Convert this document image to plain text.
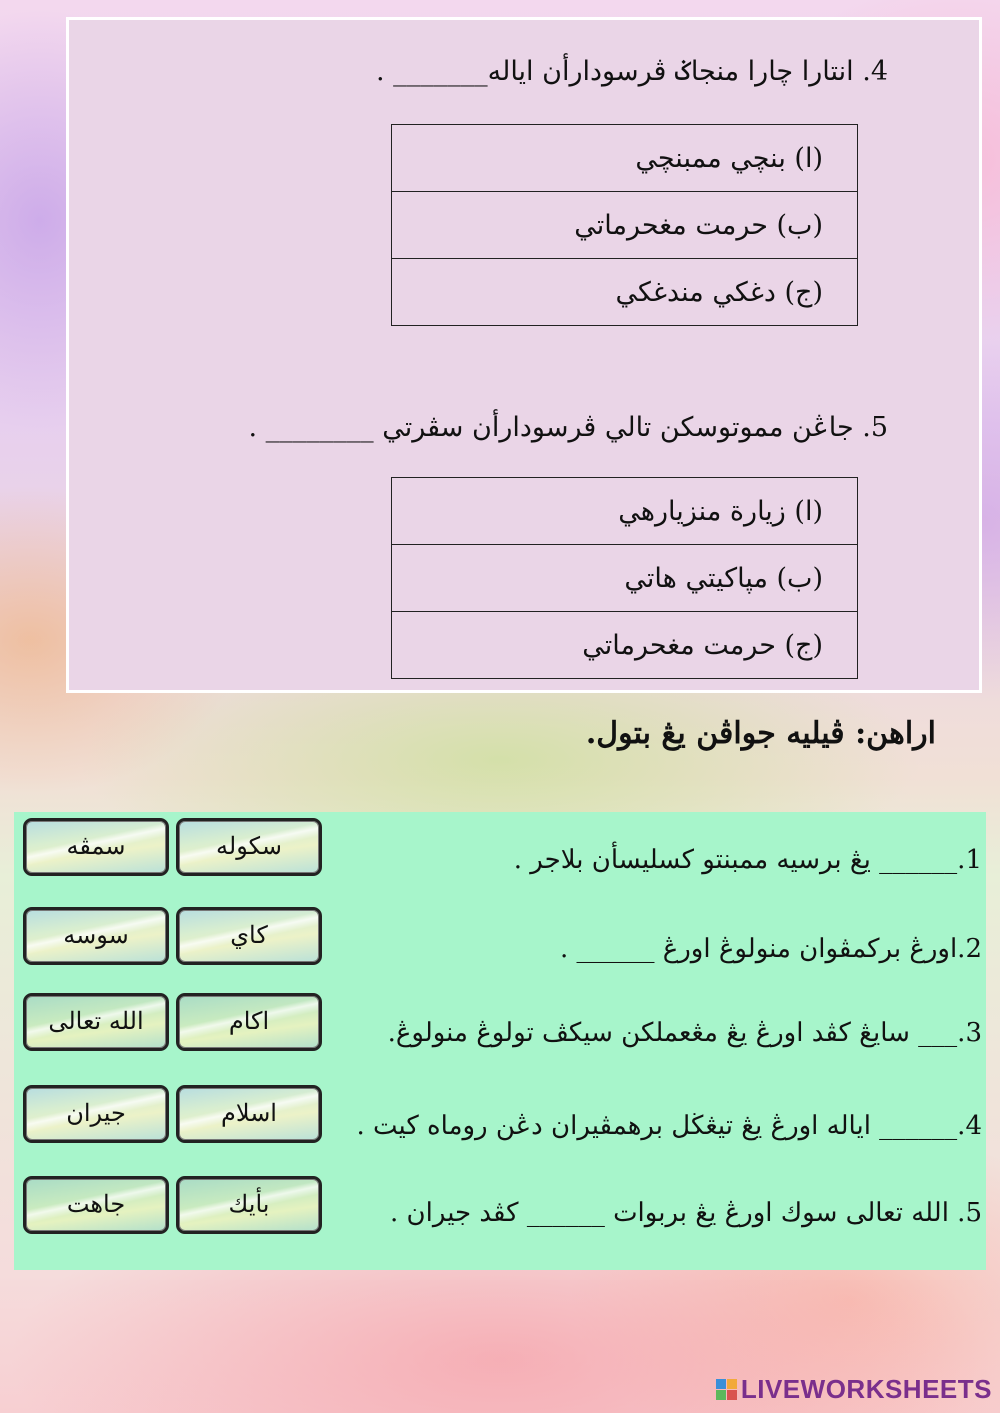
4. انتارا چارا منجاݢ ڤرسودارأن اياله_______ .
(ا) بنچي ممبنچي
(ب) حرمت مغحرماتي
(ج) دغكي مندغكي
5. جاڠن مموتوسكن تالي ڤرسودارأن سڤرتي ________ .
(ا) زيارة منزيارهي
(ب) مپاكيتي هاتي
(ج) حرمت مغحرماتي
اراهن: ڤيليه جواڤن يڠ بتول.
1.______ يڠ برسيه ممبنتو كسليسأن بلاجر .
2.اورڠ بركمڤوان منولوڠ اورڠ ______ .
3.___ سايڠ كڤد اورڠ يڠ مڠعملكن سيكڤ تولوڠ منولوڠ.
4.______ اياله اورڠ يڠ تيڠڬل برهمڤيران دڠن روماه كيت .
5. الله تعالى سوك اورڠ يڠ بربوات ______ كڤد جيران .
سكوله
سمڤه
كاي
سوسه
اكام
الله تعالى
اسلام
جيران
بأيك
جاهت
LIVEWORKSHEETS
